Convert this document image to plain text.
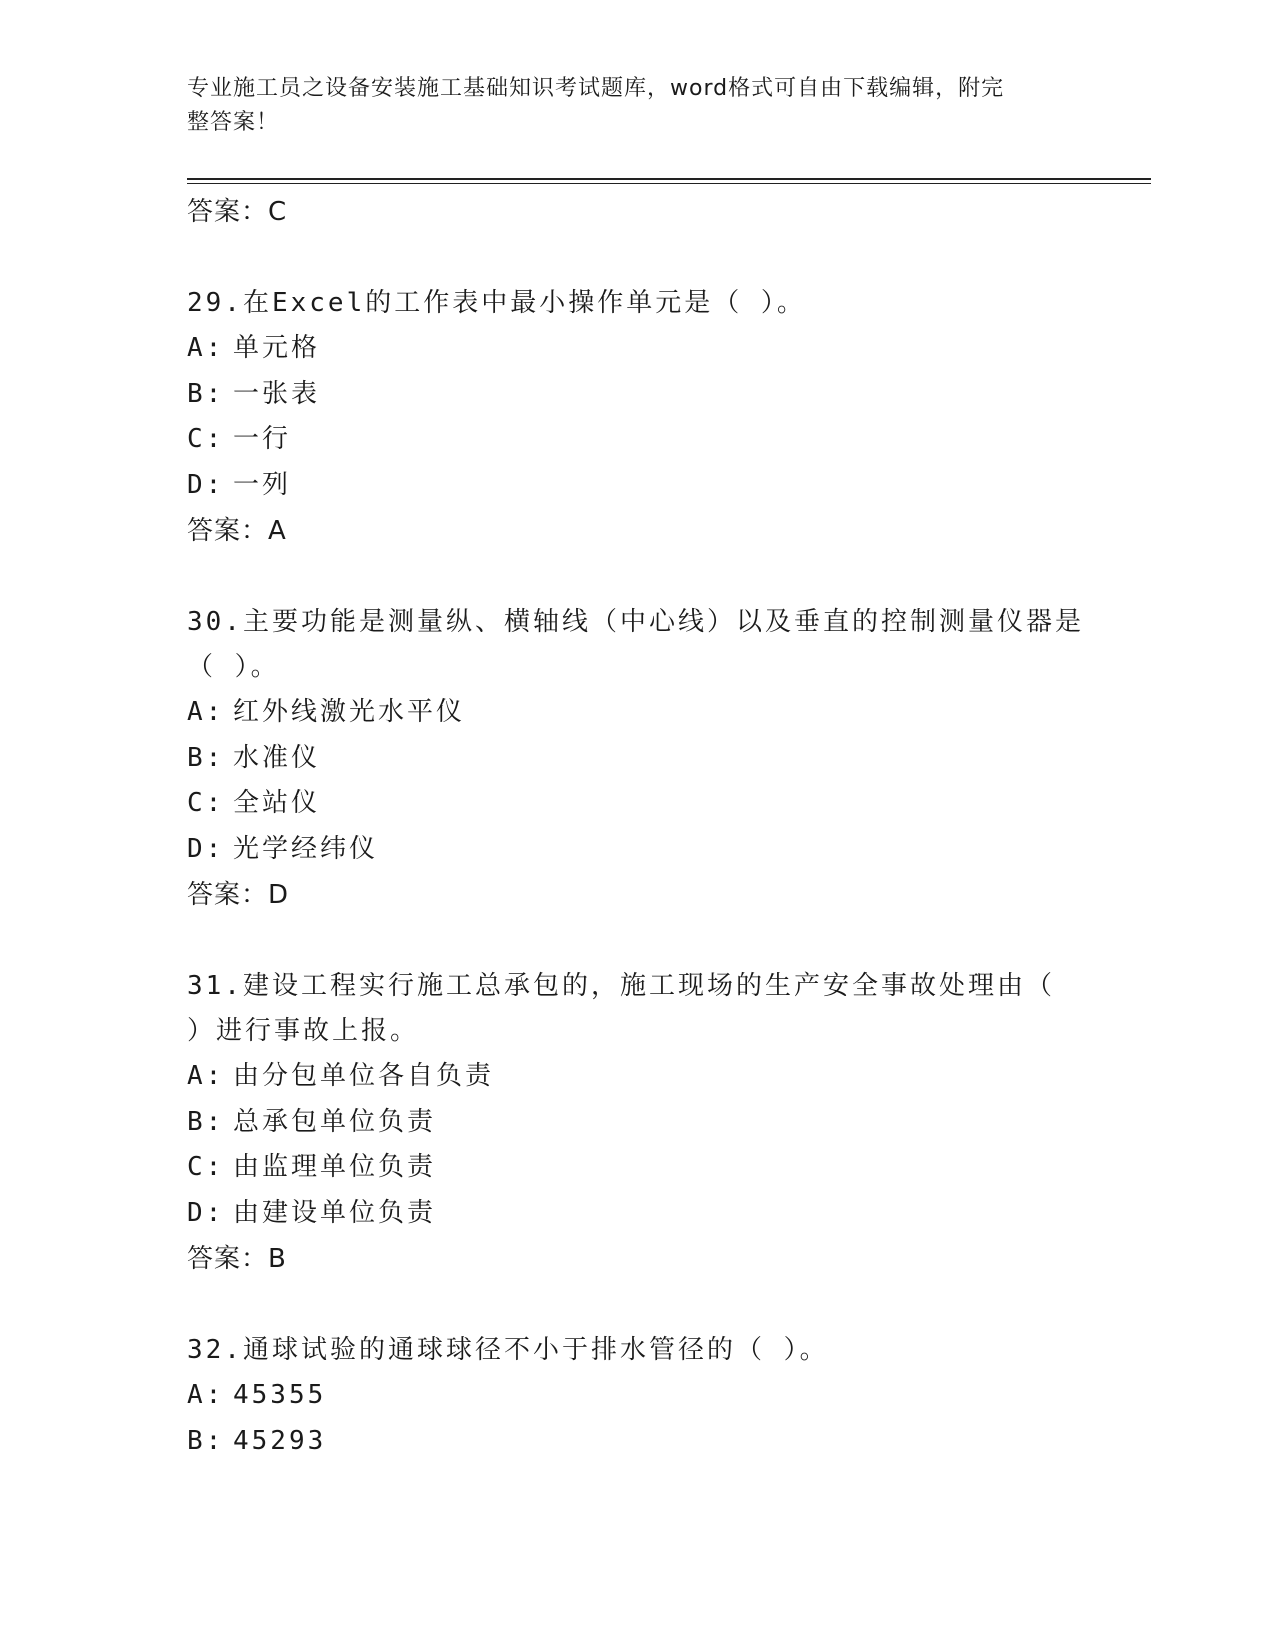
专业施工员之设备安装施工基础知识考试题库，word格式可自由下载编辑，附完
整答案！
答案：C
29.在Excel的工作表中最小操作单元是（ ）。
A: 单元格
B: 一张表
C: 一行
D: 一列
答案：A
30.主要功能是测量纵、横轴线（中心线）以及垂直的控制测量仪器是
（ ）。
A: 红外线激光水平仪
B: 水准仪
C: 全站仪
D: 光学经纬仪
答案：D
31.建设工程实行施工总承包的，施工现场的生产安全事故处理由（
）进行事故上报。
A: 由分包单位各自负责
B: 总承包单位负责
C: 由监理单位负责
D: 由建设单位负责
答案：B
32.通球试验的通球球径不小于排水管径的（ ）。
A: 45355
B: 45293
